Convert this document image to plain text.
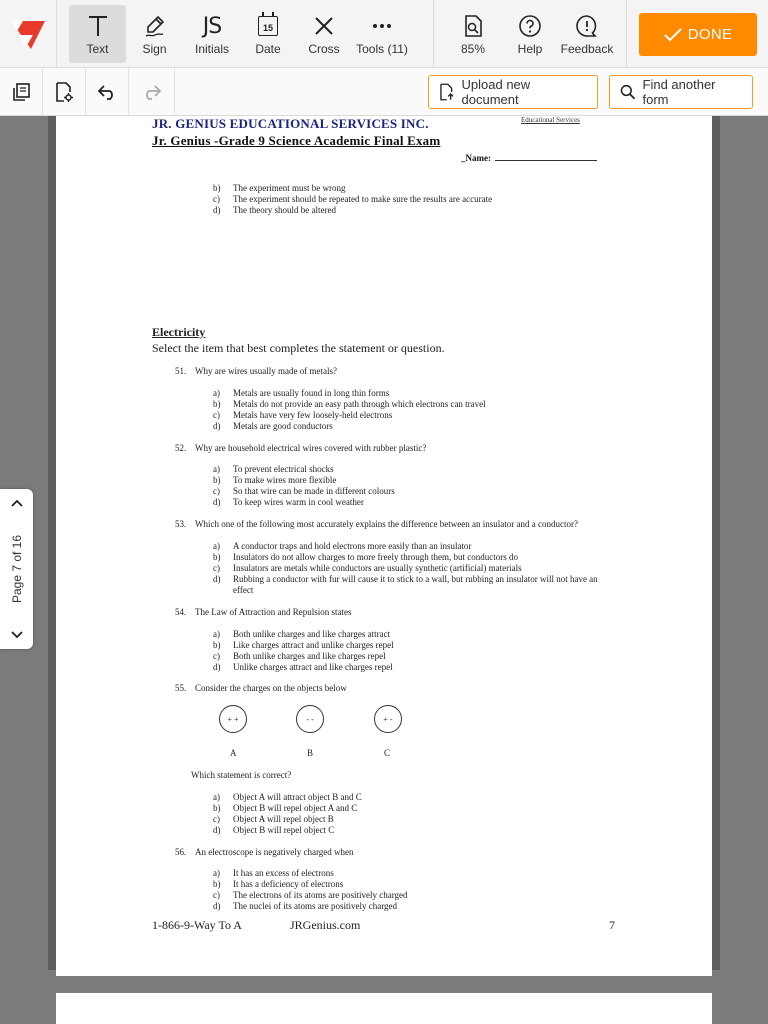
Text	Sign
JS
Initials
15
Date Cross Tools (11)	85%	Help Feedback
DONE
Upload new document
Find another form
JR. GENIUS EDUCATIONAL SERVICES INC.	Educational Services
Jr. Genius -Grade 9 Science Academic Final Exam
_Name:
b) The experiment must be wrong
c) The experiment should be repeated to make sure the results are accurate
d) The theory should be altered
Electricity
Select the item that best completes the statement or question.
51. Why are wires usually made of metals?
a) Metals are usually found in long thin forms
b) Metals do not provide an easy path through which electrons can travel
c) Metals have very few loosely-held electrons
d) Metals are good conductors
52. Why are household electrical wires covered with rubber plastic?
a) To prevent electrical shocks
b) To make wires more flexible
c) So that wire can be made in different colours
d) To keep wires warm in cool weather
53. Which one of the following most accurately explains the difference between an insulator and a conductor?
a) A conductor traps and hold electrons more easily than an insulator
b) Insulators do not allow charges to more freely through them, but conductors do
c) Insulators are metals while conductors are usually synthetic (artificial) materials
d) Rubbing a conductor with fur will cause it to stick to a wall, but rubbing an insulator will not have an
effect
54. The Law of Attraction and Repulsion states
a) Both unlike charges and like charges attract
b) Like charges attract and unlike charges repel
c) Both unlike charges and like charges repel
d) Unlike charges attract and like charges repel
55. Consider the charges on the objects below
+ +	- -	+ -
A	B	C
Which statement is correct?
a) Object A will attract object B and C
b) Object B will repel object A and C
c) Object A will repel object B
d) Object B will repel object C
56. An electroscope is negatively charged when
a) It has an excess of electrons
b) It has a deficiency of electrons
c) The electrons of its atoms are positively charged
d) The nuclei of its atoms are positively charged
1-866-9-Way To A	JRGenius.com	7
Page 7 of 16
